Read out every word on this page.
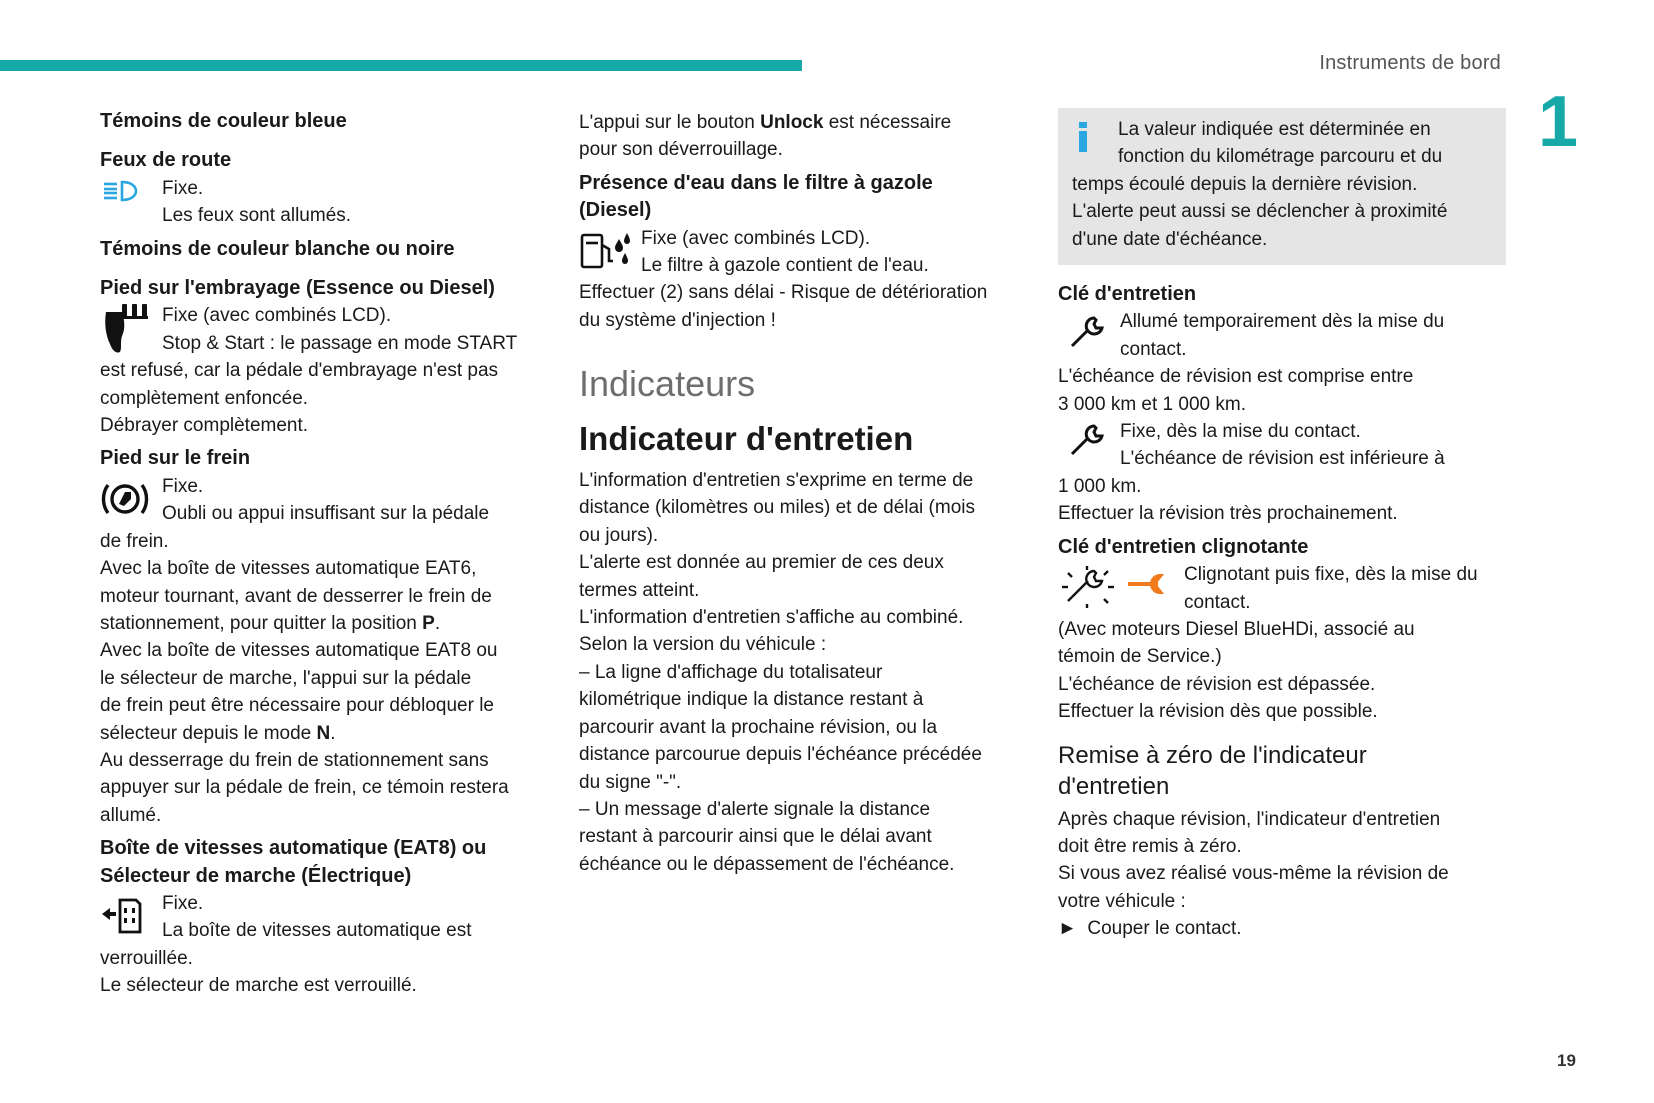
Instruments de bord
1
19

Témoins de couleur bleue

Feux de route

Fixe.

Les feux sont allumés.

Témoins de couleur blanche ou noire

Pied sur l'embrayage (Essence ou Diesel)

Fixe (avec combinés LCD).

Stop & Start : le passage en mode START

est refusé, car la pédale d'embrayage n'est pas

complètement enfoncée.

Débrayer complètement.

Pied sur le frein

Fixe.

Oubli ou appui insuffisant sur la pédale

de frein.

Avec la boîte de vitesses automatique EAT6,

moteur tournant, avant de desserrer le frein de

stationnement, pour quitter la position P.

Avec la boîte de vitesses automatique EAT8 ou

le sélecteur de marche, l'appui sur la pédale

de frein peut être nécessaire pour débloquer le

sélecteur depuis le mode N.

Au desserrage du frein de stationnement sans

appuyer sur la pédale de frein, ce témoin restera

allumé.

Boîte de vitesses automatique (EAT8) ou

Sélecteur de marche (Électrique)

Fixe.

La boîte de vitesses automatique est

verrouillée.

Le sélecteur de marche est verrouillé.

L'appui sur le bouton Unlock est nécessaire

pour son déverrouillage.

Présence d'eau dans le filtre à gazole

(Diesel)

Fixe (avec combinés LCD).

Le filtre à gazole contient de l'eau.

Effectuer (2) sans délai - Risque de détérioration

du système d'injection !

Indicateurs

Indicateur d'entretien

L'information d'entretien s'exprime en terme de

distance (kilomètres ou miles) et de délai (mois

ou jours).

L'alerte est donnée au premier de ces deux

termes atteint.

L'information d'entretien s'affiche au combiné.

Selon la version du véhicule :

– La ligne d'affichage du totalisateur

kilométrique indique la distance restant à

parcourir avant la prochaine révision, ou la

distance parcourue depuis l'échéance précédée

du signe "-".

– Un message d'alerte signale la distance

restant à parcourir ainsi que le délai avant

échéance ou le dépassement de l'échéance.

La valeur indiquée est déterminée en

fonction du kilométrage parcouru et du

temps écoulé depuis la dernière révision.

L'alerte peut aussi se déclencher à proximité

d'une date d'échéance.

Clé d'entretien

Allumé temporairement dès la mise du

contact.

L'échéance de révision est comprise entre

3 000 km et 1 000 km.

Fixe, dès la mise du contact.

L'échéance de révision est inférieure à

1 000 km.

Effectuer la révision très prochainement.

Clé d'entretien clignotante

Clignotant puis fixe, dès la mise du

contact.

(Avec moteurs Diesel BlueHDi, associé au

témoin de Service.)

L'échéance de révision est dépassée.

Effectuer la révision dès que possible.

Remise à zéro de l'indicateur

d'entretien

Après chaque révision, l'indicateur d'entretien

doit être remis à zéro.

Si vous avez réalisé vous-même la révision de

votre véhicule :

► Couper le contact.
